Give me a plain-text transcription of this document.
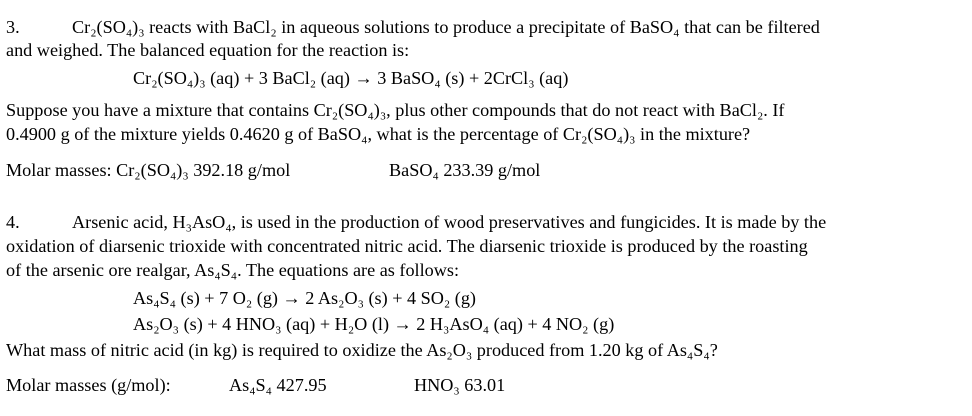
3.	Cr₂(SO₄)₃ reacts with BaCl₂ in aqueous solutions to produce a precipitate of BaSO₄ that can be filtered
and weighed. The balanced equation for the reaction is:
Cr₂(SO₄)₃ (aq) + 3 BaCl₂ (aq) → 3 BaSO₄ (s) + 2CrCl₃ (aq)
Suppose you have a mixture that contains Cr₂(SO₄)₃, plus other compounds that do not react with BaCl₂. If
0.4900 g of the mixture yields 0.4620 g of BaSO₄, what is the percentage of Cr₂(SO₄)₃ in the mixture?
Molar masses: Cr₂(SO₄)₃ 392.18 g/mol	BaSO₄ 233.39 g/mol
4.	Arsenic acid, H₃AsO₄, is used in the production of wood preservatives and fungicides. It is made by the
oxidation of diarsenic trioxide with concentrated nitric acid. The diarsenic trioxide is produced by the roasting
of the arsenic ore realgar, As₄S₄. The equations are as follows:
As₄S₄ (s) + 7 O₂ (g) → 2 As₂O₃ (s) + 4 SO₂ (g)
As₂O₃ (s) + 4 HNO₃ (aq) + H₂O (l) → 2 H₃AsO₄ (aq) + 4 NO₂ (g)
What mass of nitric acid (in kg) is required to oxidize the As₂O₃ produced from 1.20 kg of As₄S₄?
Molar masses (g/mol):	As₄S₄ 427.95	HNO₃ 63.01
